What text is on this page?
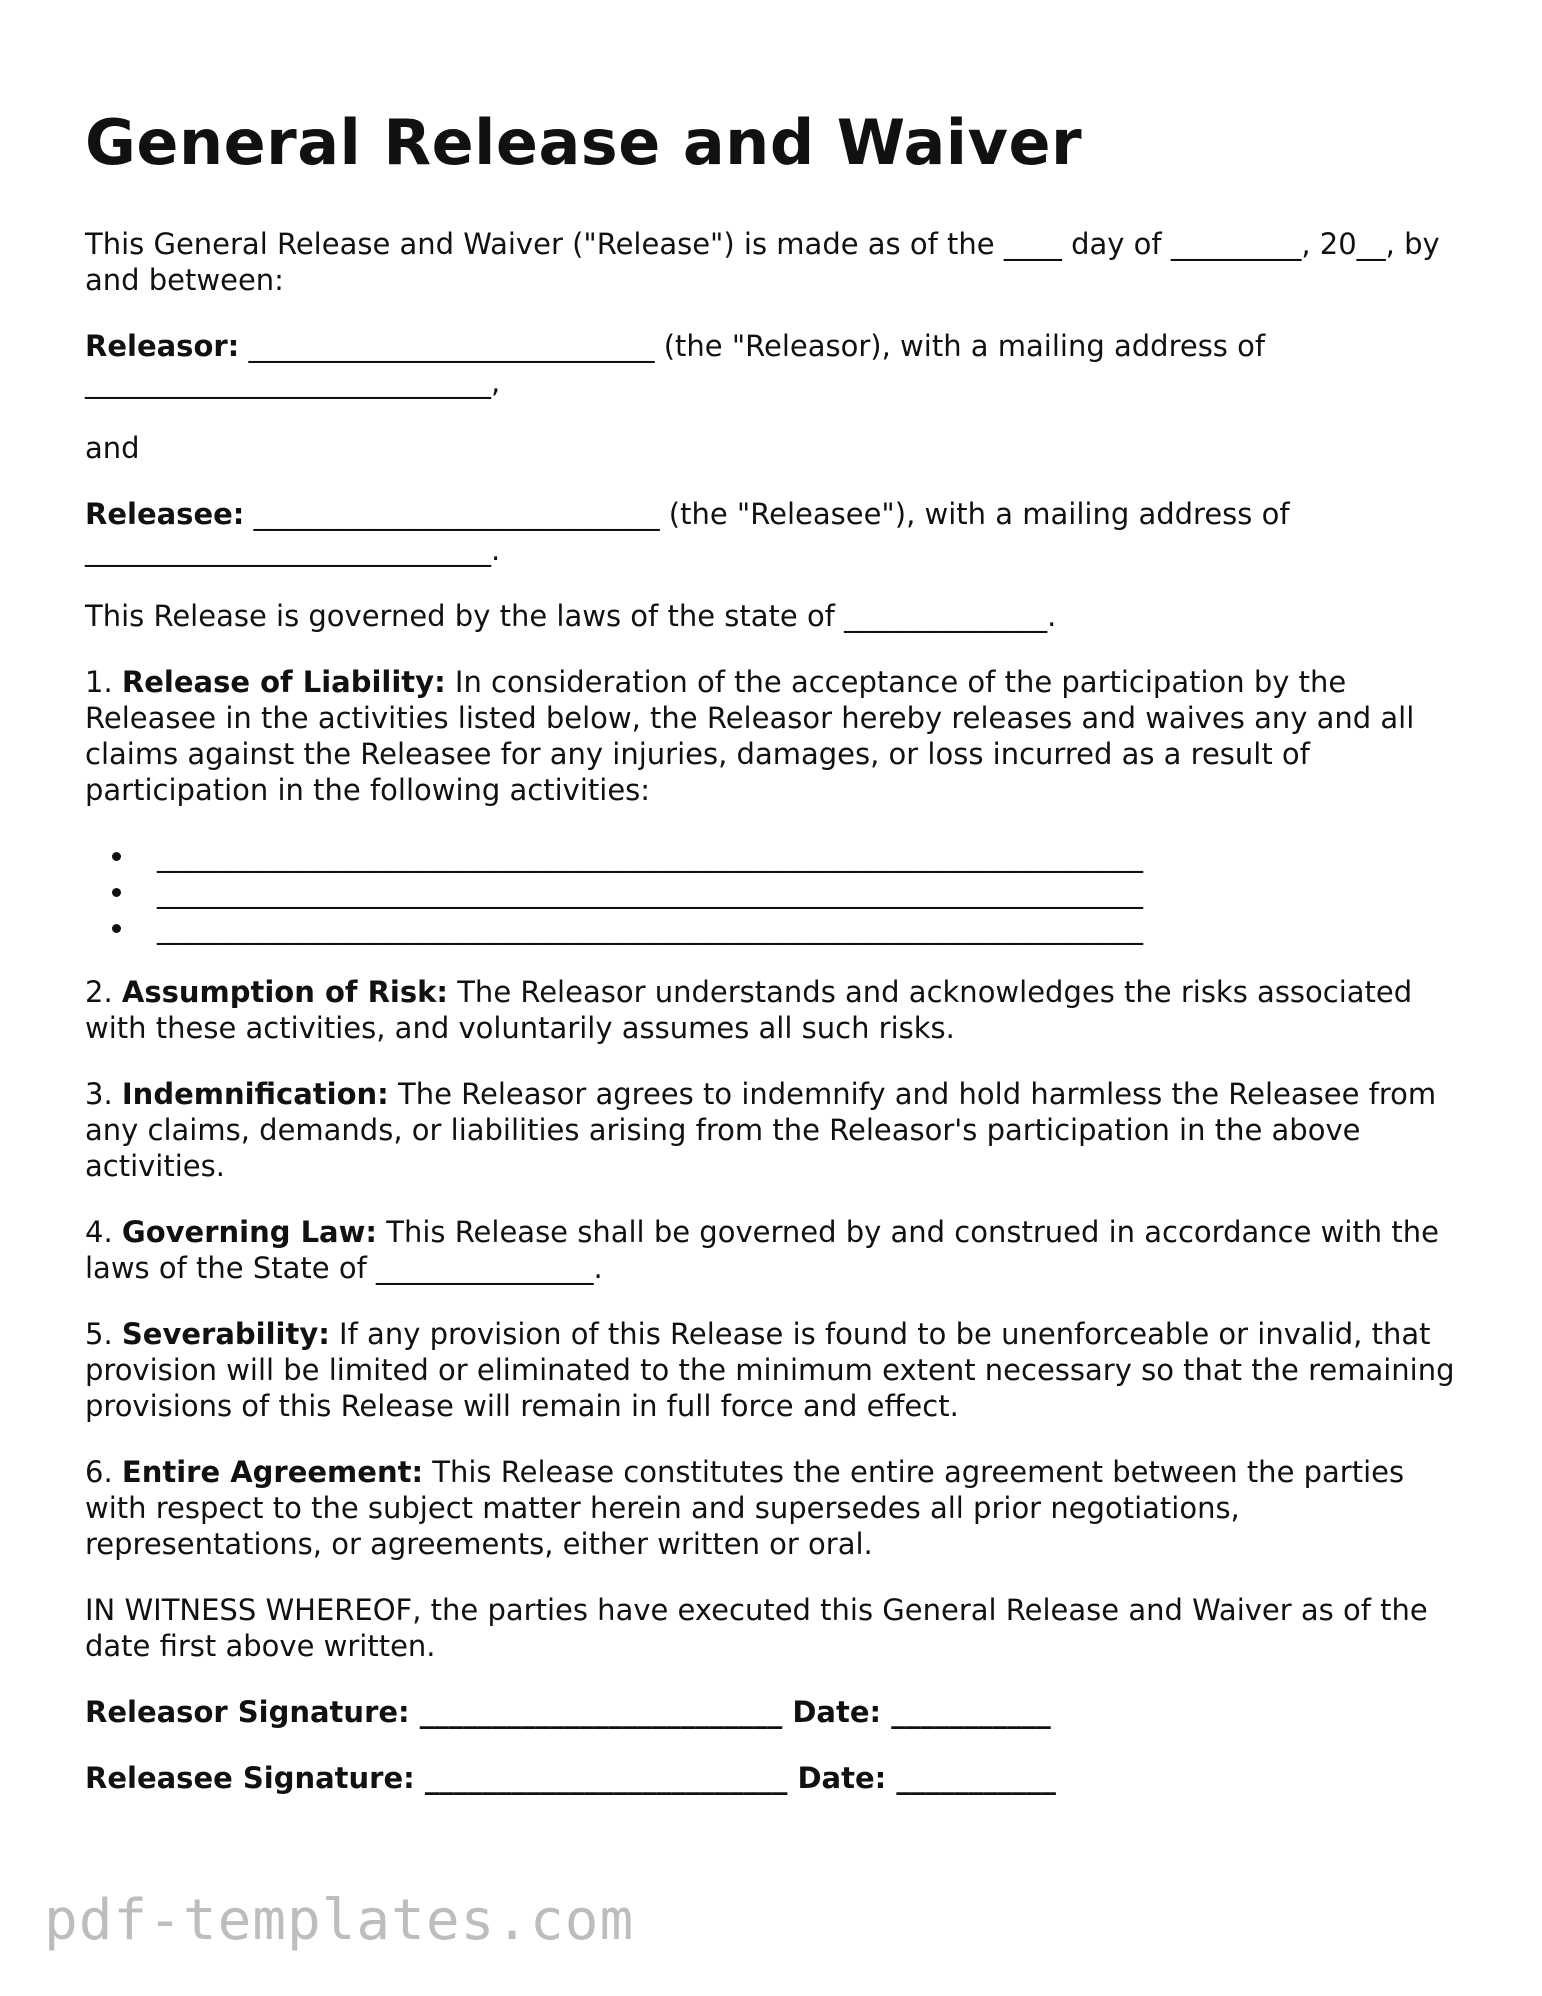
General Release and Waiver

This General Release and Waiver ("Release") is made as of the ____ day of _________, 20__, by and between:

Releasor: ____________________________ (the "Releasor), with a mailing address of ____________________________,

and

Releasee: ____________________________ (the "Releasee"), with a mailing address of ____________________________.

This Release is governed by the laws of the state of ______________.

1. Release of Liability: In consideration of the acceptance of the participation by the Releasee in the activities listed below, the Releasor hereby releases and waives any and all claims against the Releasee for any injuries, damages, or loss incurred as a result of participation in the following activities:

• ____________________________________________________________________
• ____________________________________________________________________
• ____________________________________________________________________

2. Assumption of Risk: The Releasor understands and acknowledges the risks associated with these activities, and voluntarily assumes all such risks.

3. Indemnification: The Releasor agrees to indemnify and hold harmless the Releasee from any claims, demands, or liabilities arising from the Releasor's participation in the above activities.

4. Governing Law: This Release shall be governed by and construed in accordance with the laws of the State of _______________.

5. Severability: If any provision of this Release is found to be unenforceable or invalid, that provision will be limited or eliminated to the minimum extent necessary so that the remaining provisions of this Release will remain in full force and effect.

6. Entire Agreement: This Release constitutes the entire agreement between the parties with respect to the subject matter herein and supersedes all prior negotiations, representations, or agreements, either written or oral.

IN WITNESS WHEREOF, the parties have executed this General Release and Waiver as of the date first above written.

Releasor Signature: _________________________ Date: ___________
Releasee Signature: _________________________ Date: ___________
pdf-templates.com
